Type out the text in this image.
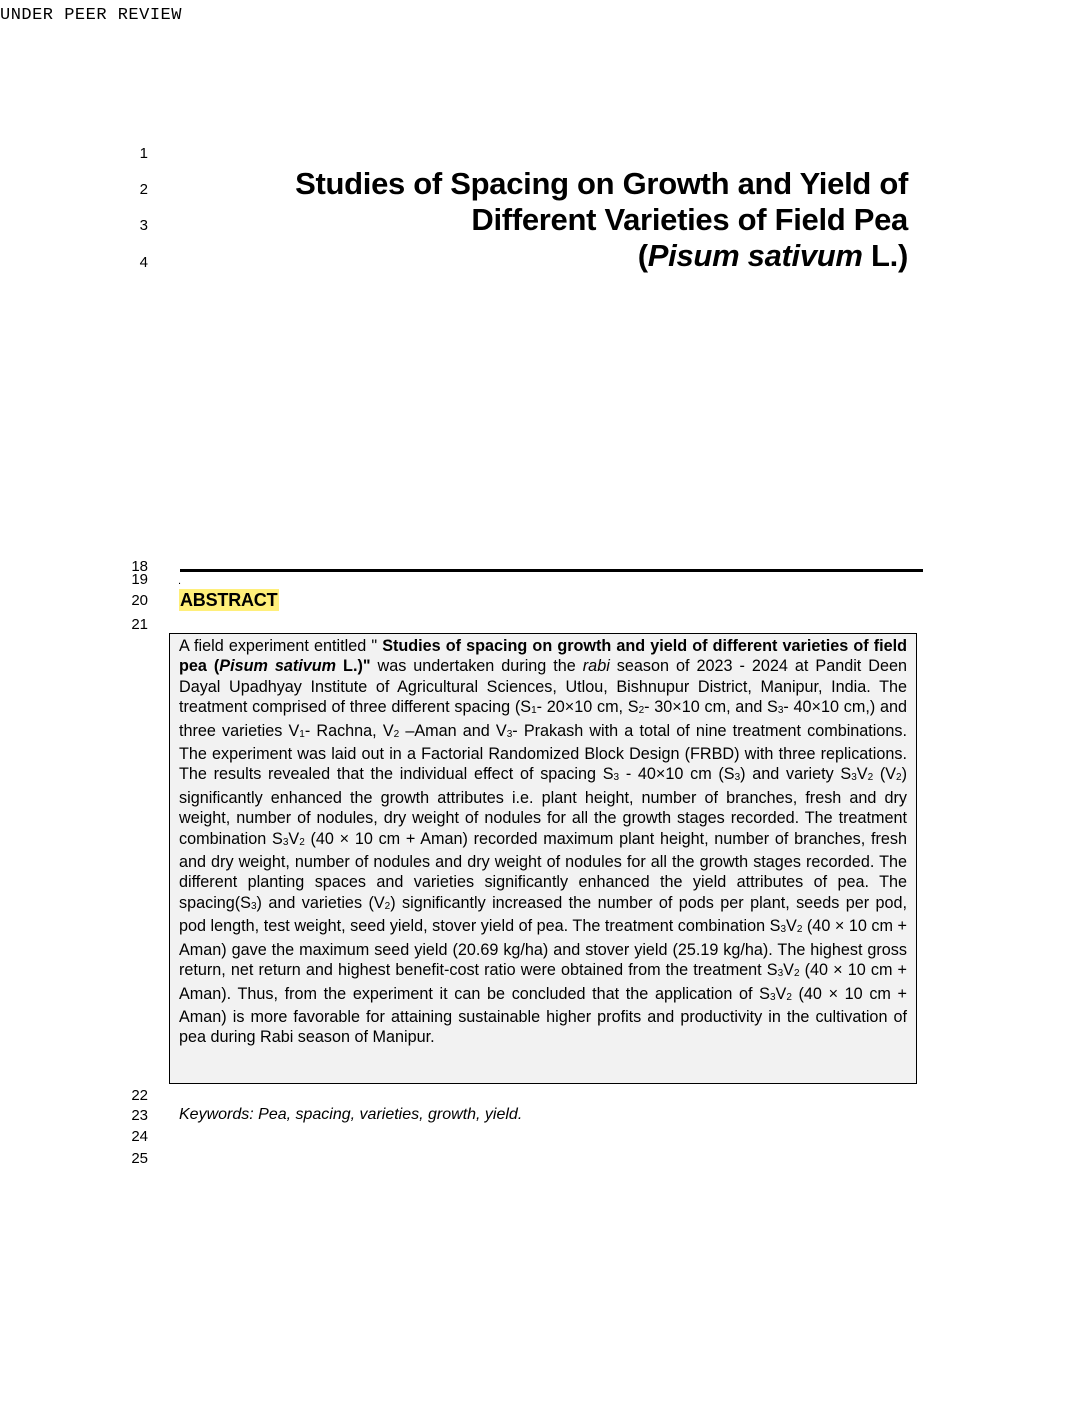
UNDER PEER REVIEW
1
2
3
4
Studies of Spacing on Growth and Yield of
Different Varieties of Field Pea
(Pisum sativum L.)
18
19	.
20 ABSTRACT
21

A field experiment entitled " Studies of spacing on growth and yield of different varieties of field pea (Pisum sativum L.)" was undertaken during the rabi season of 2023 - 2024 at Pandit Deen Dayal Upadhyay Institute of Agricultural Sciences, Utlou, Bishnupur District, Manipur, India. The treatment comprised of three different spacing ($S_1-$ 20×10 cm, $S_2-$ 30×10 cm, and $S_3-$ 40×10 cm,) and three varieties $V_1-$ Rachna, $V_2$ –Aman and $V_3-$ Prakash with a total of nine treatment combinations. The experiment was laid out in a Factorial Randomized Block Design (FRBD) with three replications. The results revealed that the individual effect of spacing $S_3 - 40\times 10$ cm $(S_3)$ and variety $S_3V_2$ $(V_2)$ significantly enhanced the growth attributes i.e. plant height, number of branches, fresh and dry weight, number of nodules, dry weight of nodules for all the growth stages recorded. The treatment combination $S_3V_2$ (40 × 10 cm + Aman) recorded maximum plant height, number of branches, fresh and dry weight, number of nodules and dry weight of nodules for all the growth stages recorded. The different planting spaces and varieties significantly enhanced the yield attributes of pea. The $spacing(S_3)$ and varieties $(V_2)$ significantly increased the number of pods per plant, seeds per pod, pod length, test weight, seed yield, stover yield of pea. The treatment combination $S_3V_2$ (40 × 10 cm + Aman) gave the maximum seed yield (20.69 kg/ha) and stover yield (25.19 kg/ha). The highest gross return, net return and highest benefit-cost ratio were obtained from the treatment $S_3V_2$ (40 × 10 cm + Aman). Thus, from the experiment it can be concluded that the application of $S_3V_2$ (40 × 10 cm + Aman) is more favorable for attaining sustainable higher profits and productivity in the cultivation of pea during Rabi season of Manipur.

22
23 Keywords: Pea, spacing, varieties, growth, yield.
24
25
